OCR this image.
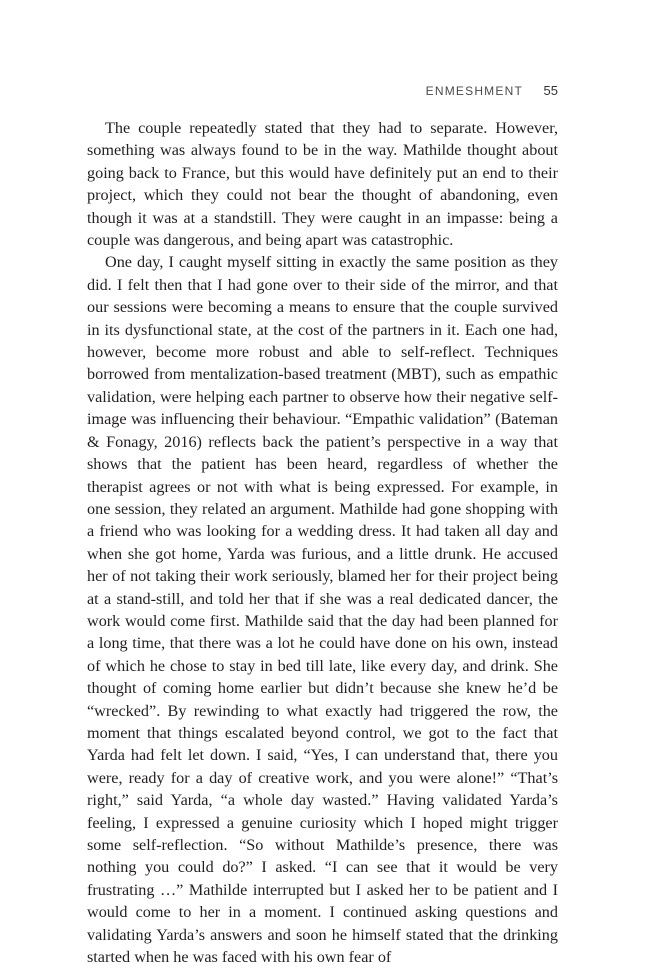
ENMESHMENT 55

The couple repeatedly stated that they had to separate. However, something was always found to be in the way. Mathilde thought about going back to France, but this would have definitely put an end to their project, which they could not bear the thought of abandoning, even though it was at a standstill. They were caught in an impasse: being a couple was dangerous, and being apart was catastrophic.

One day, I caught myself sitting in exactly the same position as they did. I felt then that I had gone over to their side of the mirror, and that our sessions were becoming a means to ensure that the couple survived in its dysfunctional state, at the cost of the partners in it. Each one had, however, become more robust and able to self-reflect. Techniques borrowed from mentalization-based treatment (MBT), such as empathic validation, were helping each partner to observe how their negative self-image was influencing their behaviour. “Empathic validation” (Bateman & Fonagy, 2016) reflects back the patient’s perspective in a way that shows that the patient has been heard, regardless of whether the therapist agrees or not with what is being expressed. For example, in one session, they related an argument. Mathilde had gone shopping with a friend who was looking for a wedding dress. It had taken all day and when she got home, Yarda was furious, and a little drunk. He accused her of not taking their work seriously, blamed her for their project being at a stand-still, and told her that if she was a real dedicated dancer, the work would come first. Mathilde said that the day had been planned for a long time, that there was a lot he could have done on his own, instead of which he chose to stay in bed till late, like every day, and drink. She thought of coming home earlier but didn’t because she knew he’d be “wrecked”. By rewinding to what exactly had triggered the row, the moment that things escalated beyond control, we got to the fact that Yarda had felt let down. I said, “Yes, I can understand that, there you were, ready for a day of creative work, and you were alone!” “That’s right,” said Yarda, “a whole day wasted.” Having validated Yarda’s feeling, I expressed a genuine curiosity which I hoped might trigger some self-reflection. “So without Mathilde’s presence, there was nothing you could do?” I asked. “I can see that it would be very frustrating …” Mathilde interrupted but I asked her to be patient and I would come to her in a moment. I continued asking questions and validating Yarda’s answers and soon he himself stated that the drinking started when he was faced with his own fear of
